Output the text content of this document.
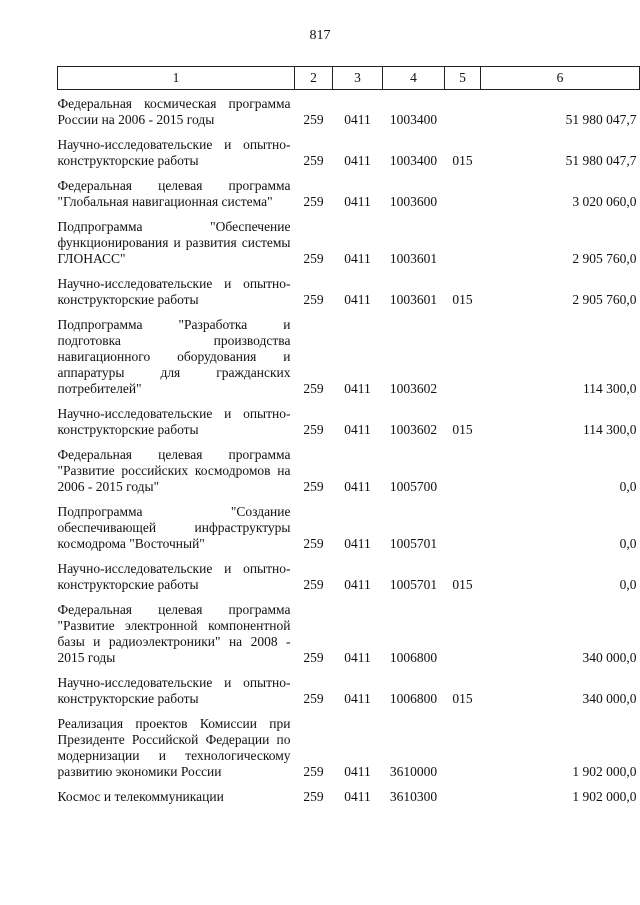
817
1	2	3	4	5	6
Федеральная космическая программа России на 2006 - 2015 годы	259	0411	1003400		51 980 047,7
Научно-исследовательские и опытно-конструкторские работы	259	0411	1003400	015	51 980 047,7
Федеральная целевая программа "Глобальная навигационная система"	259	0411	1003600		3 020 060,0
Подпрограмма "Обеспечение функционирования и развития системы ГЛОНАСС"	259	0411	1003601		2 905 760,0
Научно-исследовательские и опытно-конструкторские работы	259	0411	1003601	015	2 905 760,0
Подпрограмма "Разработка и подготовка производства навигационного оборудования и аппаратуры для гражданских потребителей"	259	0411	1003602		114 300,0
Научно-исследовательские и опытно-конструкторские работы	259	0411	1003602	015	114 300,0
Федеральная целевая программа "Развитие российских космодромов на 2006 - 2015 годы"	259	0411	1005700		0,0
Подпрограмма "Создание обеспечивающей инфраструктуры космодрома "Восточный"	259	0411	1005701		0,0
Научно-исследовательские и опытно-конструкторские работы	259	0411	1005701	015	0,0
Федеральная целевая программа "Развитие электронной компонентной базы и радиоэлектроники" на 2008 - 2015 годы	259	0411	1006800		340 000,0
Научно-исследовательские и опытно-конструкторские работы	259	0411	1006800	015	340 000,0
Реализация проектов Комиссии при Президенте Российской Федерации по модернизации и технологическому развитию экономики России	259	0411	3610000		1 902 000,0
Космос и телекоммуникации	259	0411	3610300		1 902 000,0
